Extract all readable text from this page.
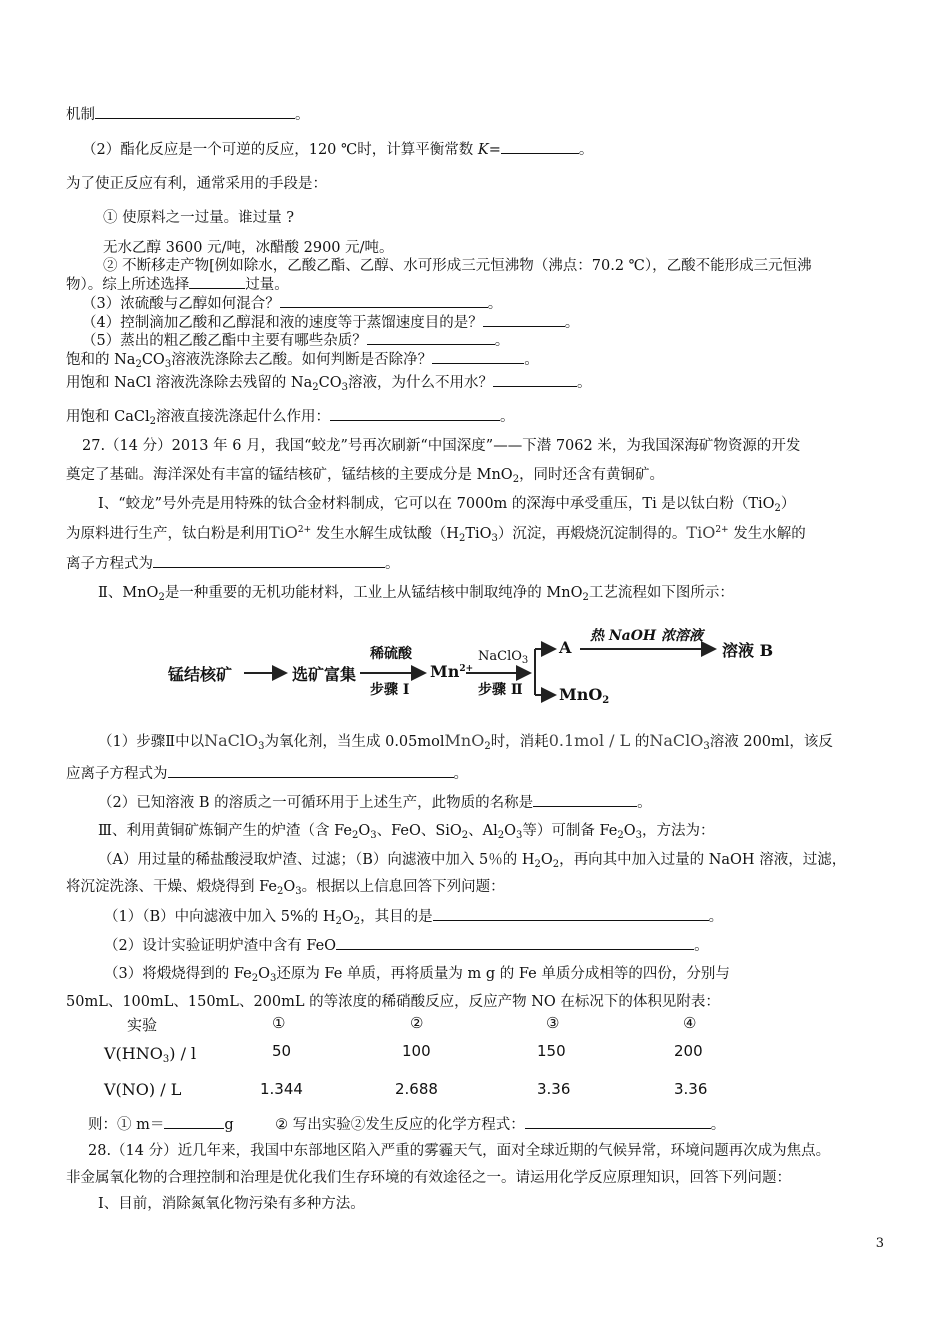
机制	。
（2）酯化反应是一个可逆的反应，120 ℃时，计算平衡常数 K=	。
为了使正反应有利，通常采用的手段是：
① 使原料之一过量。谁过量 ?
无水乙醇 3600 元/吨，冰醋酸 2900 元/吨。
② 不断移走产物[例如除水，乙酸乙酯、乙醇、水可形成三元恒沸物（沸点：70.2 ℃），乙酸不能形成三元恒沸
物）。综上所述选择	过量。
（3）浓硫酸与乙醇如何混合？	。
（4）控制滴加乙酸和乙醇混和液的速度等于蒸馏速度目的是？	。
（5）蒸出的粗乙酸乙酯中主要有哪些杂质？	。
饱和的 $Na_2CO_3$溶液洗涤除去乙酸。如何判断是否除净？	。
用饱和 NaCl 溶液洗涤除去残留的 $Na_2CO_3$溶液，为什么不用水？	。
用饱和 CaCl$_2$溶液直接洗涤起什么作用：	。
27.（14 分）2013 年 6 月，我国“蛟龙”号再次刷新“中国深度”——下潜 7062 米，为我国深海矿物资源的开发
奠定了基础。海洋深处有丰富的锰结核矿，锰结核的主要成分是 MnO$_2$，同时还含有黄铜矿。
Ⅰ、“蛟龙”号外壳是用特殊的钛合金材料制成，它可以在 7000m 的深海中承受重压，Ti 是以钛白粉（TiO$_2$）
为原料进行生产，钛白粉是利用TiO$^{2+}$ 发生水解生成钛酸$(H_2TiO_3)$沉淀，再煅烧沉淀制得的。TiO$^{2+}$ 发生水解的
离子方程式为	。
Ⅱ、MnO$_2$是一种重要的无机功能材料，工业上从锰结核中制取纯净的 MnO$_2$工艺流程如下图所示：
锰结核矿	选矿富集
稀硫酸
步骤 Ⅰ
$Mn^{2+}$
NaClO$_3$
步骤 Ⅱ
A
热 NaOH 浓溶液
溶液 B
MnO$_2$
（1）步骤Ⅱ中以NaClO$_3$为氧化剂，当生成 0.05molMnO$_2$时，消耗0.1mol / L 的NaClO$_3$溶液 200ml，该反
应离子方程式为	。
（2）已知溶液 B 的溶质之一可循环用于上述生产，此物质的名称是	。
Ⅲ、利用黄铜矿炼铜产生的炉渣（含 $Fe_2O_3$、FeO、SiO$_2$、$Al_2O_3$等）可制备 $Fe_2O_3$，方法为：
（A）用过量的稀盐酸浸取炉渣、过滤；（B）向滤液中加入 5％的 $H_2O_2$，再向其中加入过量的 NaOH 溶液，过滤，
将沉淀洗涤、干燥、煅烧得到 $Fe_2O_3$。根据以上信息回答下列问题：
（1）（B）中向滤液中加入 5%的 $H_2O_2$，其目的是	。
（2）设计实验证明炉渣中含有 FeO	。
（3）将煅烧得到的 $Fe_2O_3$还原为 Fe 单质，再将质量为 m g 的 Fe 单质分成相等的四份，分别与
50mL、100mL、150mL、200mL 的等浓度的稀硝酸反应，反应产物 NO 在标况下的体积见附表：
实验	①	②	③	④
$V(HNO_3)$ / l	50	100	150	200
V(NO) / L	1.344	2.688	3.36	3.36
则：① m＝	g	② 写出实验②发生反应的化学方程式：	。
28.（14 分）近几年来，我国中东部地区陷入严重的雾霾天气，面对全球近期的气候异常，环境问题再次成为焦点。
非金属氧化物的合理控制和治理是优化我们生存环境的有效途径之一。请运用化学反应原理知识，回答下列问题：
Ⅰ、目前，消除氮氧化物污染有多种方法。
3
